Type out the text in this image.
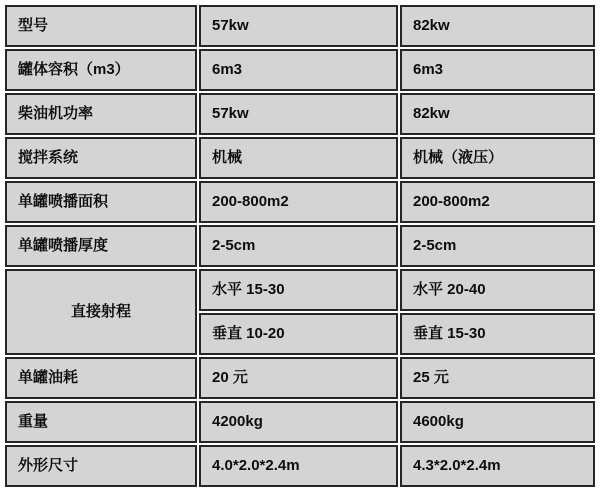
型号	57kw	82kw
罐体容积（m3）	6m3	6m3
柴油机功率	57kw	82kw
搅拌系统	机械	机械（液压）
单罐喷播面积	200-800m2	200-800m2
单罐喷播厚度	2-5cm	2-5cm
直接射程	水平 15-30	水平 20-40
	垂直 10-20	垂直 15-30
单罐油耗	20 元	25 元
重量	4200kg	4600kg
外形尺寸	4.0*2.0*2.4m	4.3*2.0*2.4m
